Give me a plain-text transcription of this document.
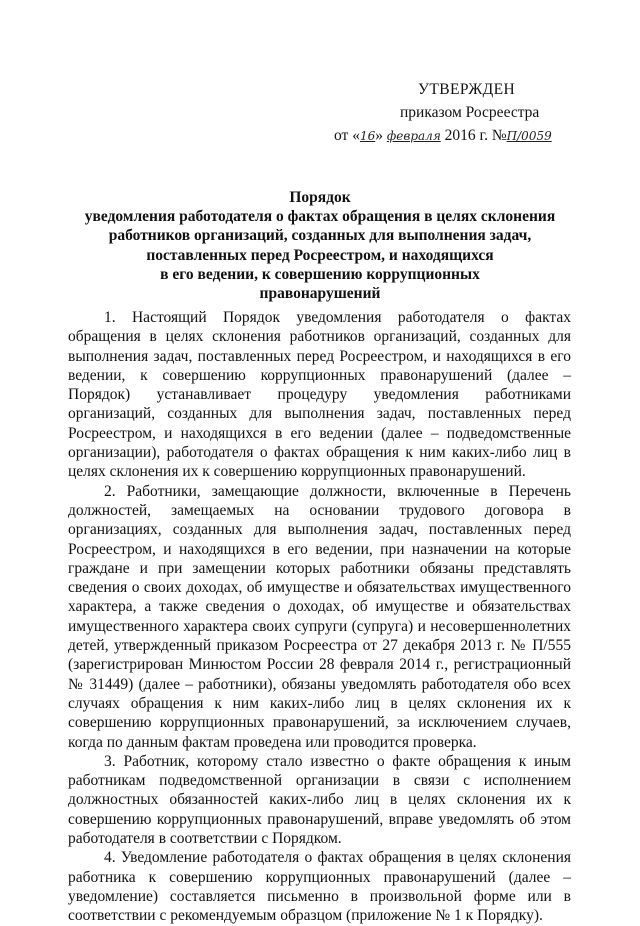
УТВЕРЖДЕН
приказом Росреестра
от «16» февраля 2016 г. №П/0059
Порядок
уведомления работодателя о фактах обращения в целях склонения
работников организаций, созданных для выполнения задач,
поставленных перед Росреестром, и находящихся
в его ведении, к совершению коррупционных
правонарушений

1. Настоящий Порядок уведомления работодателя о фактах обращения в целях склонения работников организаций, созданных для выполнения задач, поставленных перед Росреестром, и находящихся в его ведении, к совершению коррупционных правонарушений (далее – Порядок) устанавливает процедуру уведомления работниками организаций, созданных для выполнения задач, поставленных перед Росреестром, и находящихся в его ведении (далее – подведомственные организации), работодателя о фактах обращения к ним каких-либо лиц в целях склонения их к совершению коррупционных правонарушений.

2. Работники, замещающие должности, включенные в Перечень должностей, замещаемых на основании трудового договора в организациях, созданных для выполнения задач, поставленных перед Росреестром, и находящихся в его ведении, при назначении на которые граждане и при замещении которых работники обязаны представлять сведения о своих доходах, об имуществе и обязательствах имущественного характера, а также сведения о доходах, об имуществе и обязательствах имущественного характера своих супруги (супруга) и несовершеннолетних детей, утвержденный приказом Росреестра от 27 декабря 2013 г. № П/555 (зарегистрирован Минюстом России 28 февраля 2014 г., регистрационный № 31449) (далее – работники), обязаны уведомлять работодателя обо всех случаях обращения к ним каких-либо лиц в целях склонения их к совершению коррупционных правонарушений, за исключением случаев, когда по данным фактам проведена или проводится проверка.

3. Работник, которому стало известно о факте обращения к иным работникам подведомственной организации в связи с исполнением должностных обязанностей каких-либо лиц в целях склонения их к совершению коррупционных правонарушений, вправе уведомлять об этом работодателя в соответствии с Порядком.

4. Уведомление работодателя о фактах обращения в целях склонения работника к совершению коррупционных правонарушений (далее – уведомление) составляется письменно в произвольной форме или в соответствии с рекомендуемым образцом (приложение № 1 к Порядку).
